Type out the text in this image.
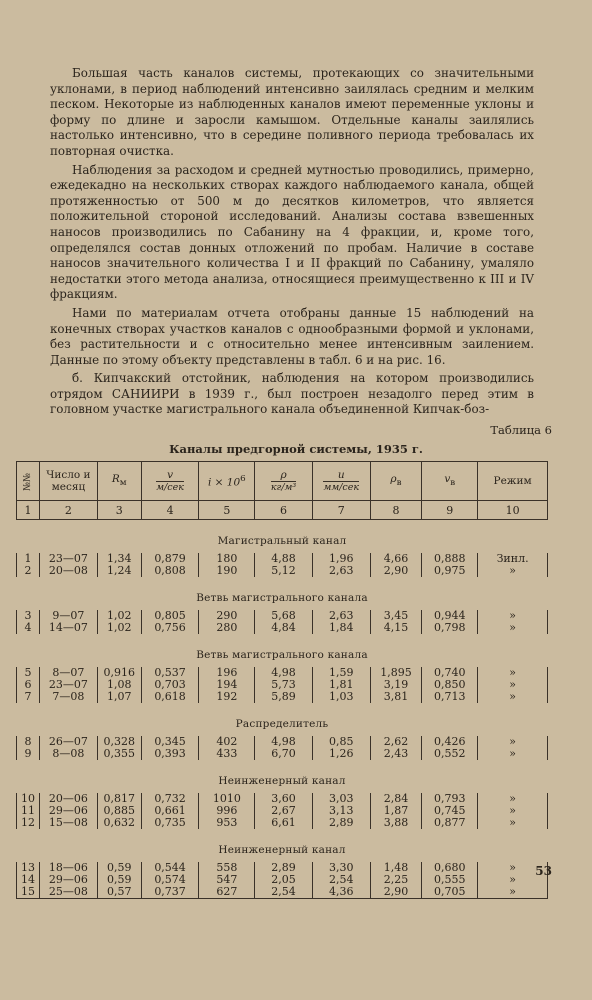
Большая часть каналов системы, протекающих со значительными уклонами, в период наблюдений интенсивно заилялась средним и мелким песком. Некоторые из наблюденных каналов имеют переменные уклоны и форму по длине и заросли камышом. Отдельные каналы заилялись настолько интенсивно, что в середине поливного периода требовалась их повторная очистка.

Наблюдения за расходом и средней мутностью проводились, примерно, ежедекадно на нескольких створах каждого наблюдаемого канала, общей протяженностью от 500 м до десятков километров, что является положительной стороной исследований. Анализы состава взвешенных наносов производились по Сабанину на 4 фракции, и, кроме того, определялся состав донных отложений по пробам. Наличие в составе наносов значительного количества I и II фракций по Сабанину, умаляло недостатки этого метода анализа, относящиеся преимущественно к III и IV фракциям.

Нами по материалам отчета отобраны данные 15 наблюдений на конечных створах участков каналов с однообразными формой и уклонами, без растительности и с относительно менее интенсивным заилением. Данные по этому объекту представлены в табл. 6 и на рис. 16.

б. Кипчакский отстойник, наблюдения на котором производились отрядом САНИИРИ в 1939 г., был построен незадолго перед этим в головном участке магистрального канала объединенной Кипчак-боз-

Таблица 6
Каналы предгорной системы, 1935 г.
№№	Число и месяц	$R_м$	$\frac{v}{\text{м/сек}}$	$i \times 10^6$	$\frac{\rho}{\text{кг/м³}}$	$\frac{u}{\text{мм/сек}}$	$\rho_в$	$v_в$	Режим
1	2	3	4	5	6	7	8	9	10
Магистральный канал									
1	23—07	1,34	0,879	180	4,88	1,96	4,66	0,888	Зинл.
2	20—08	1,24	0,808	190	5,12	2,63	2,90	0,975	»
Ветвь магистрального канала									
3	9—07	1,02	0,805	290	5,68	2,63	3,45	0,944	»
4	14—07	1,02	0,756	280	4,84	1,84	4,15	0,798	»
Ветвь магистрального канала									
5	8—07	0,916	0,537	196	4,98	1,59	1,895	0,740	»
6	23—07	1,08	0,703	194	5,73	1,81	3,19	0,850	»
7	7—08	1,07	0,618	192	5,89	1,03	3,81	0,713	»
Распределитель									
8	26—07	0,328	0,345	402	4,98	0,85	2,62	0,426	»
9	8—08	0,355	0,393	433	6,70	1,26	2,43	0,552	»
Неинженерный канал									
10	20—06	0,817	0,732	1010	3,60	3,03	2,84	0,793	»
11	29—06	0,885	0,661	996	2,67	3,13	1,87	0,745	»
12	15—08	0,632	0,735	953	6,61	2,89	3,88	0,877	»
Неинженерный канал									
13	18—06	0,59	0,544	558	2,89	3,30	1,48	0,680	»
14	29—06	0,59	0,574	547	2,05	2,54	2,25	0,555	»
15	25—08	0,57	0,737	627	2,54	4,36	2,90	0,705	»
53
